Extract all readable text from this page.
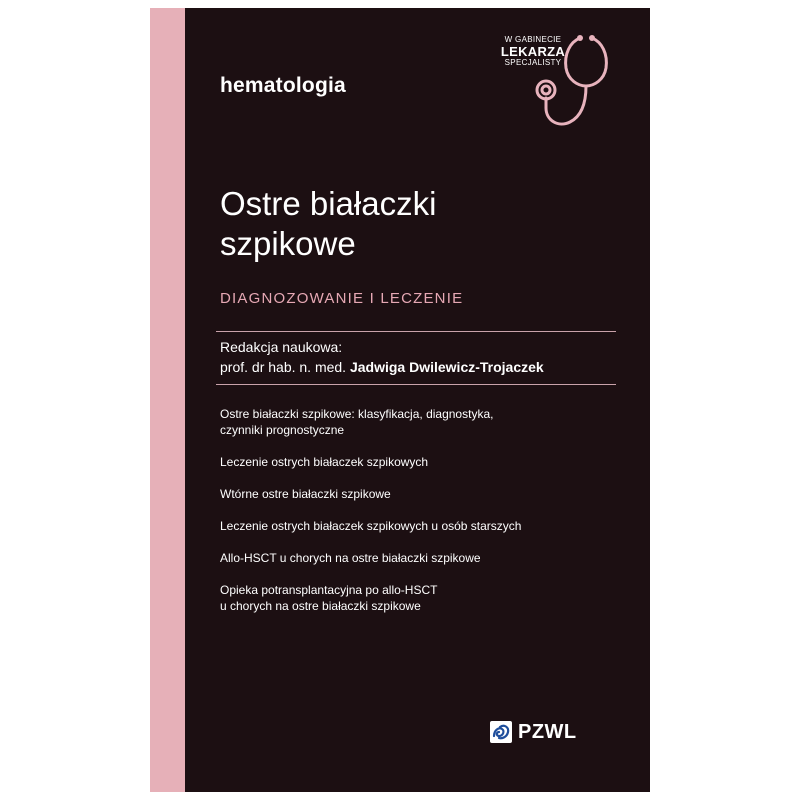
hematologia
W GABINECIE
LEKARZA
SPECJALISTY
Ostre białaczki
szpikowe
DIAGNOZOWANIE I LECZENIE
Redakcja naukowa:
prof. dr hab. n. med. Jadwiga Dwilewicz-Trojaczek
Ostre białaczki szpikowe: klasyfikacja, diagnostyka,
czynniki prognostyczne
Leczenie ostrych białaczek szpikowych
Wtórne ostre białaczki szpikowe
Leczenie ostrych białaczek szpikowych u osób starszych
Allo-HSCT u chorych na ostre białaczki szpikowe
Opieka potransplantacyjna po allo-HSCT
u chorych na ostre białaczki szpikowe
PZWL
